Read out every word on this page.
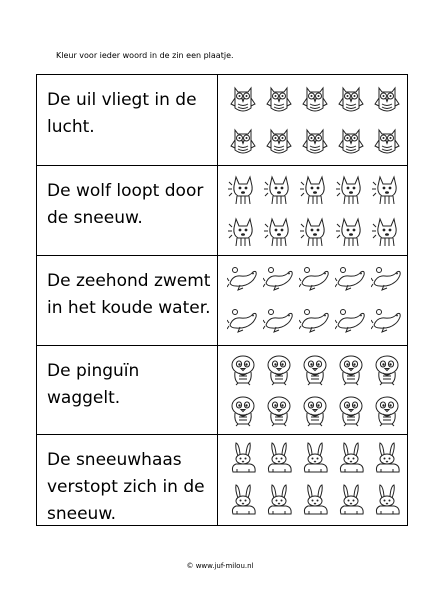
Kleur voor ieder woord in de zin een plaatje.
De uil vliegt in de lucht.
De wolf loopt door de sneeuw.
De zeehond zwemt in het koude water.
De pinguïn waggelt.
De sneeuwhaas verstopt zich in de sneeuw.
© www.juf-milou.nl
